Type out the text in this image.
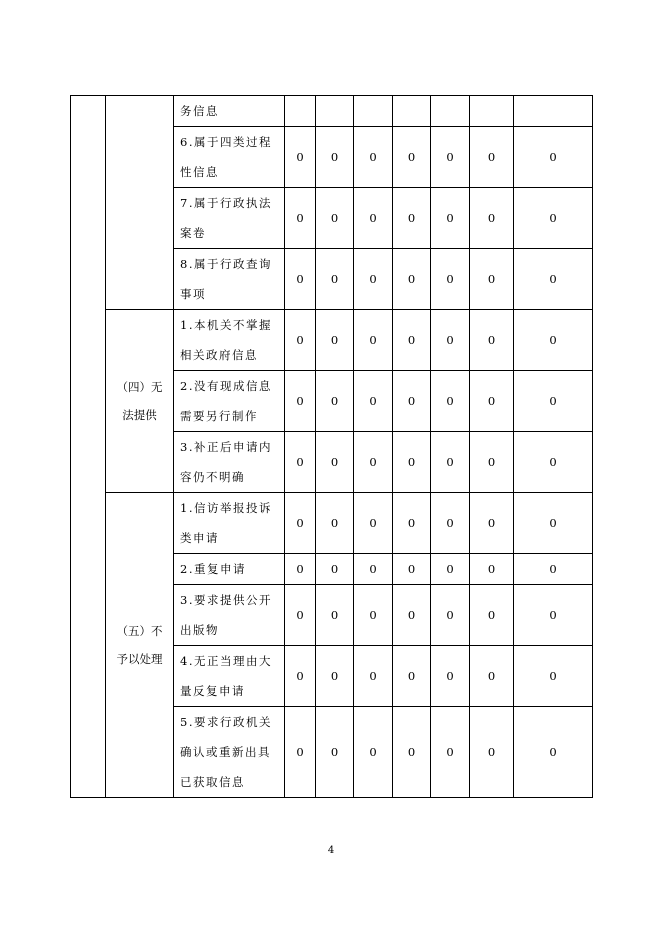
		务信息							
		6.属于四类过程性信息	0	0	0	0	0	0	0
		7.属于行政执法案卷	0	0	0	0	0	0	0
		8.属于行政查询事项	0	0	0	0	0	0	0
	（四）无法提供	1.本机关不掌握相关政府信息	0	0	0	0	0	0	0
		2.没有现成信息需要另行制作	0	0	0	0	0	0	0
		3.补正后申请内容仍不明确	0	0	0	0	0	0	0
	（五）不予以处理	1.信访举报投诉类申请	0	0	0	0	0	0	0
		2.重复申请	0	0	0	0	0	0	0
		3.要求提供公开出版物	0	0	0	0	0	0	0
		4.无正当理由大量反复申请	0	0	0	0	0	0	0
		5.要求行政机关确认或重新出具已获取信息	0	0	0	0	0	0	0
4
